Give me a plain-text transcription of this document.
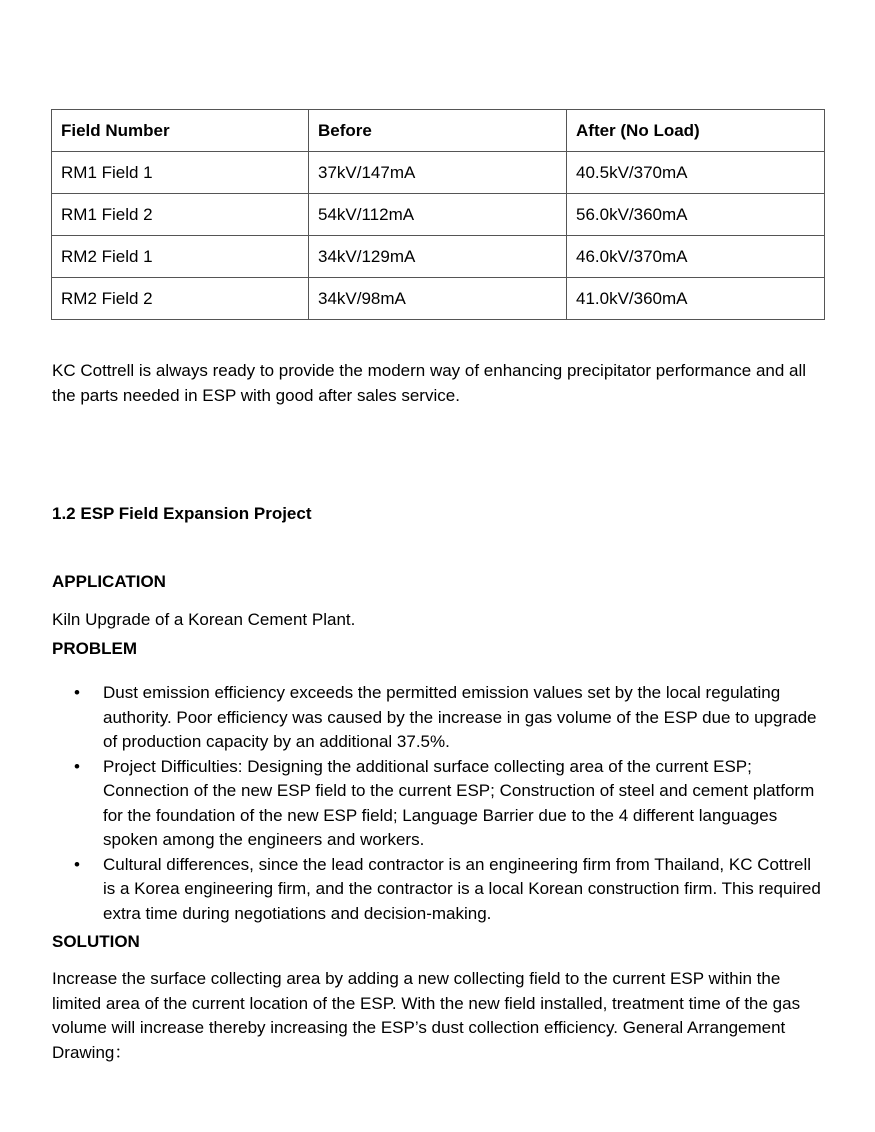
Field Number	Before	After (No Load)
RM1 Field 1	37kV/147mA	40.5kV/370mA
RM1 Field 2	54kV/112mA	56.0kV/360mA
RM2 Field 1	34kV/129mA	46.0kV/370mA
RM2 Field 2	34kV/98mA	41.0kV/360mA
KC Cottrell is always ready to provide the modern way of enhancing precipitator performance and all the parts needed in ESP with good after sales service.
1.2 ESP Field Expansion Project
APPLICATION
Kiln Upgrade of a Korean Cement Plant.
PROBLEM
• Dust emission efficiency exceeds the permitted emission values set by the local regulating authority. Poor efficiency was caused by the increase in gas volume of the ESP due to upgrade of production capacity by an additional 37.5%.
• Project Difficulties: Designing the additional surface collecting area of the current ESP; Connection of the new ESP field to the current ESP; Construction of steel and cement platform for the foundation of the new ESP field; Language Barrier due to the 4 different languages spoken among the engineers and workers.
• Cultural differences, since the lead contractor is an engineering firm from Thailand, KC Cottrell is a Korea engineering firm, and the contractor is a local Korean construction firm. This required extra time during negotiations and decision-making.
SOLUTION
Increase the surface collecting area by adding a new collecting field to the current ESP within the limited area of the current location of the ESP. With the new field installed, treatment time of the gas volume will increase thereby increasing the ESP’s dust collection efficiency. General Arrangement Drawing：
